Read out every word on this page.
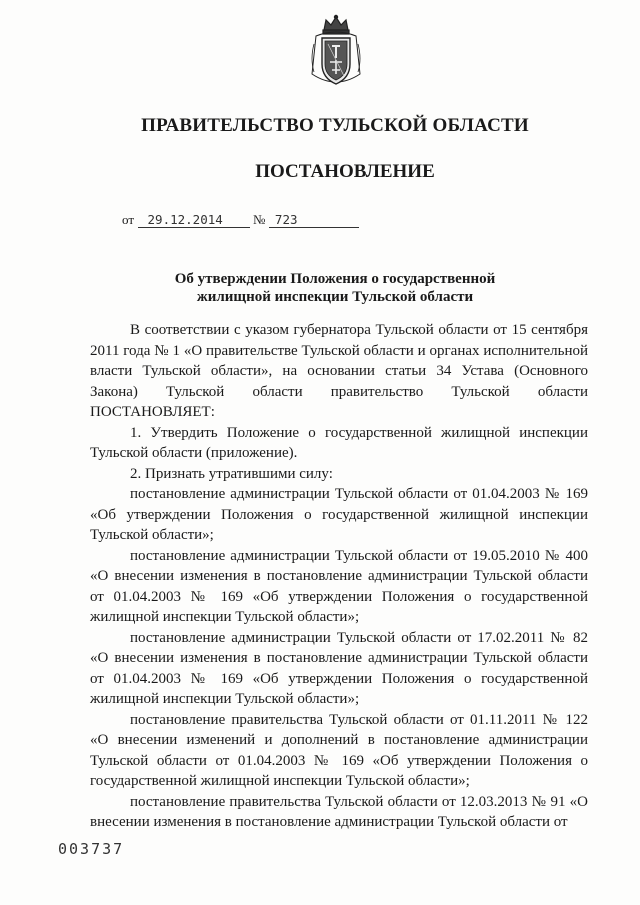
ПРАВИТЕЛЬСТВО ТУЛЬСКОЙ ОБЛАСТИ
ПОСТАНОВЛЕНИЕ
от 29.12.2014 № 723
Об утверждении Положения о государственной
жилищной инспекции Тульской области

В соответствии с указом губернатора Тульской области от 15 сентября 2011 года № 1 «О правительстве Тульской области и органах исполнительной власти Тульской области», на основании статьи 34 Устава (Основного Закона) Тульской области правительство Тульской области ПОСТАНОВЛЯЕТ:

1. Утвердить Положение о государственной жилищной инспекции Тульской области (приложение).

2. Признать утратившими силу:

постановление администрации Тульской области от 01.04.2003 № 169 «Об утверждении Положения о государственной жилищной инспекции Тульской области»;

постановление администрации Тульской области от 19.05.2010 № 400 «О внесении изменения в постановление администрации Тульской области от 01.04.2003 № 169 «Об утверждении Положения о государственной жилищной инспекции Тульской области»;

постановление администрации Тульской области от 17.02.2011 № 82 «О внесении изменения в постановление администрации Тульской области от 01.04.2003 № 169 «Об утверждении Положения о государственной жилищной инспекции Тульской области»;

постановление правительства Тульской области от 01.11.2011 № 122 «О внесении изменений и дополнений в постановление администрации Тульской области от 01.04.2003 № 169 «Об утверждении Положения о государственной жилищной инспекции Тульской области»;

постановление правительства Тульской области от 12.03.2013 № 91 «О внесении изменения в постановление администрации Тульской области от

003737
